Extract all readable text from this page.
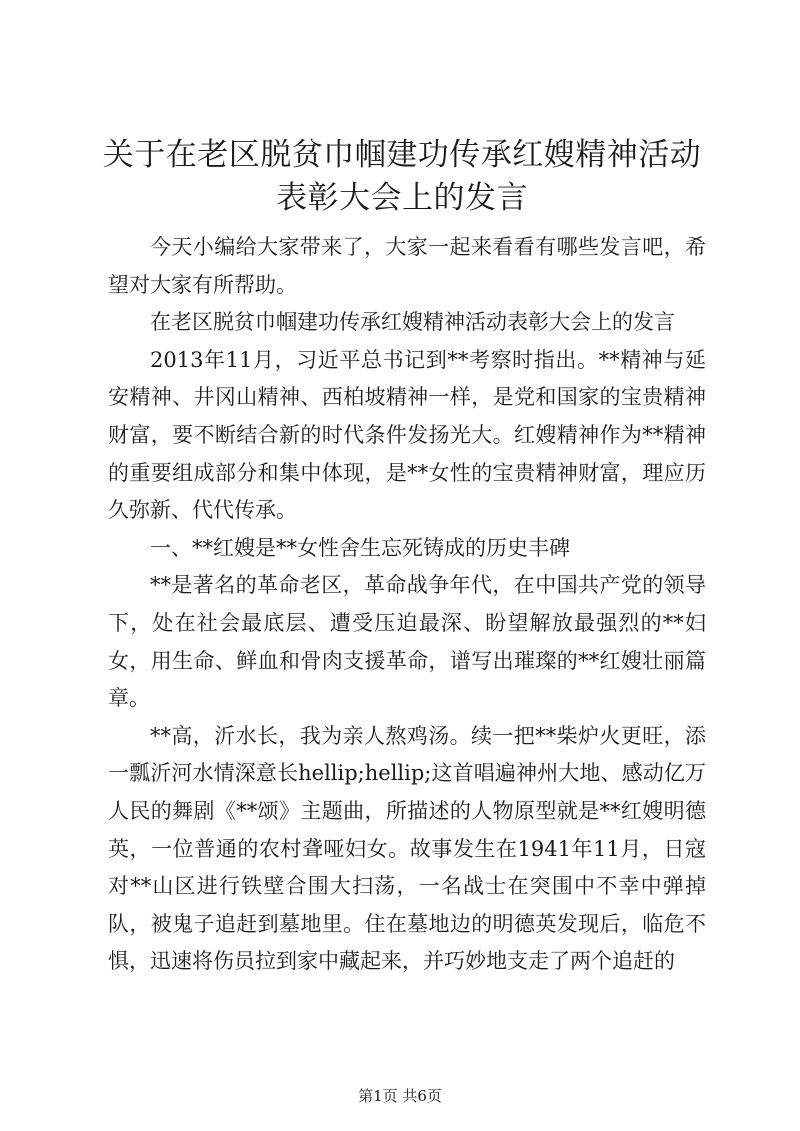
关于在老区脱贫巾帼建功传承红嫂精神活动表彰大会上的发言

今天小编给大家带来了，大家一起来看看有哪些发言吧，希望对大家有所帮助。

在老区脱贫巾帼建功传承红嫂精神活动表彰大会上的发言

2013年11月，习近平总书记到**考察时指出。**精神与延安精神、井冈山精神、西柏坡精神一样，是党和国家的宝贵精神财富，要不断结合新的时代条件发扬光大。红嫂精神作为**精神的重要组成部分和集中体现，是**女性的宝贵精神财富，理应历久弥新、代代传承。

一、**红嫂是**女性舍生忘死铸成的历史丰碑

**是著名的革命老区，革命战争年代，在中国共产党的领导下，处在社会最底层、遭受压迫最深、盼望解放最强烈的**妇女，用生命、鲜血和骨肉支援革命，谱写出璀璨的**红嫂壮丽篇章。

**高，沂水长，我为亲人熬鸡汤。续一把**柴炉火更旺，添一瓢沂河水情深意长hellip;hellip;这首唱遍神州大地、感动亿万人民的舞剧《**颂》主题曲，所描述的人物原型就是**红嫂明德英，一位普通的农村聋哑妇女。故事发生在1941年11月，日寇对**山区进行铁壁合围大扫荡，一名战士在突围中不幸中弹掉队，被鬼子追赶到墓地里。住在墓地边的明德英发现后，临危不惧，迅速将伤员拉到家中藏起来，并巧妙地支走了两个追赶的

第1页 共6页
